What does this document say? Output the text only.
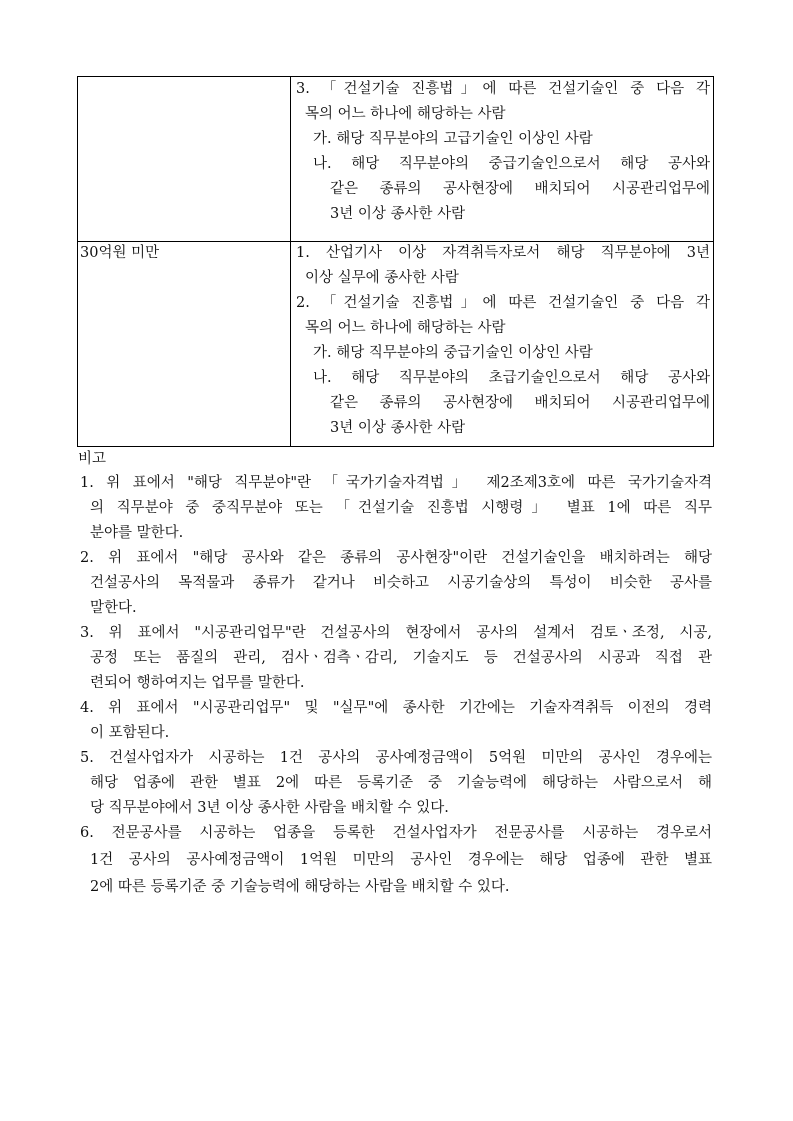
3. 「건설기술 진흥법」에 따른 건설기술인 중 다음 각
목의 어느 하나에 해당하는 사람
가. 해당 직무분야의 고급기술인 이상인 사람
나. 해당 직무분야의 중급기술인으로서 해당 공사와
같은 종류의 공사현장에 배치되어 시공관리업무에
3년 이상 종사한 사람
30억원 미만	1. 산업기사 이상 자격취득자로서 해당 직무분야에 3년
이상 실무에 종사한 사람
2. 「건설기술 진흥법」에 따른 건설기술인 중 다음 각
목의 어느 하나에 해당하는 사람
가. 해당 직무분야의 중급기술인 이상인 사람
나. 해당 직무분야의 초급기술인으로서 해당 공사와
같은 종류의 공사현장에 배치되어 시공관리업무에
3년 이상 종사한 사람
비고
1. 위 표에서 "해당 직무분야"란 「국가기술자격법」 제2조제3호에 따른 국가기술자격
의 직무분야 중 중직무분야 또는 「건설기술 진흥법 시행령」 별표 1에 따른 직무
분야를 말한다.
2. 위 표에서 "해당 공사와 같은 종류의 공사현장"이란 건설기술인을 배치하려는 해당
건설공사의 목적물과 종류가 같거나 비슷하고 시공기술상의 특성이 비슷한 공사를
말한다.
3. 위 표에서 "시공관리업무"란 건설공사의 현장에서 공사의 설계서 검토ㆍ조정, 시공,
공정 또는 품질의 관리, 검사ㆍ검측ㆍ감리, 기술지도 등 건설공사의 시공과 직접 관
련되어 행하여지는 업무를 말한다.
4. 위 표에서 "시공관리업무" 및 "실무"에 종사한 기간에는 기술자격취득 이전의 경력
이 포함된다.
5. 건설사업자가 시공하는 1건 공사의 공사예정금액이 5억원 미만의 공사인 경우에는
해당 업종에 관한 별표 2에 따른 등록기준 중 기술능력에 해당하는 사람으로서 해
당 직무분야에서 3년 이상 종사한 사람을 배치할 수 있다.
6. 전문공사를 시공하는 업종을 등록한 건설사업자가 전문공사를 시공하는 경우로서
1건 공사의 공사예정금액이 1억원 미만의 공사인 경우에는 해당 업종에 관한 별표
2에 따른 등록기준 중 기술능력에 해당하는 사람을 배치할 수 있다.
